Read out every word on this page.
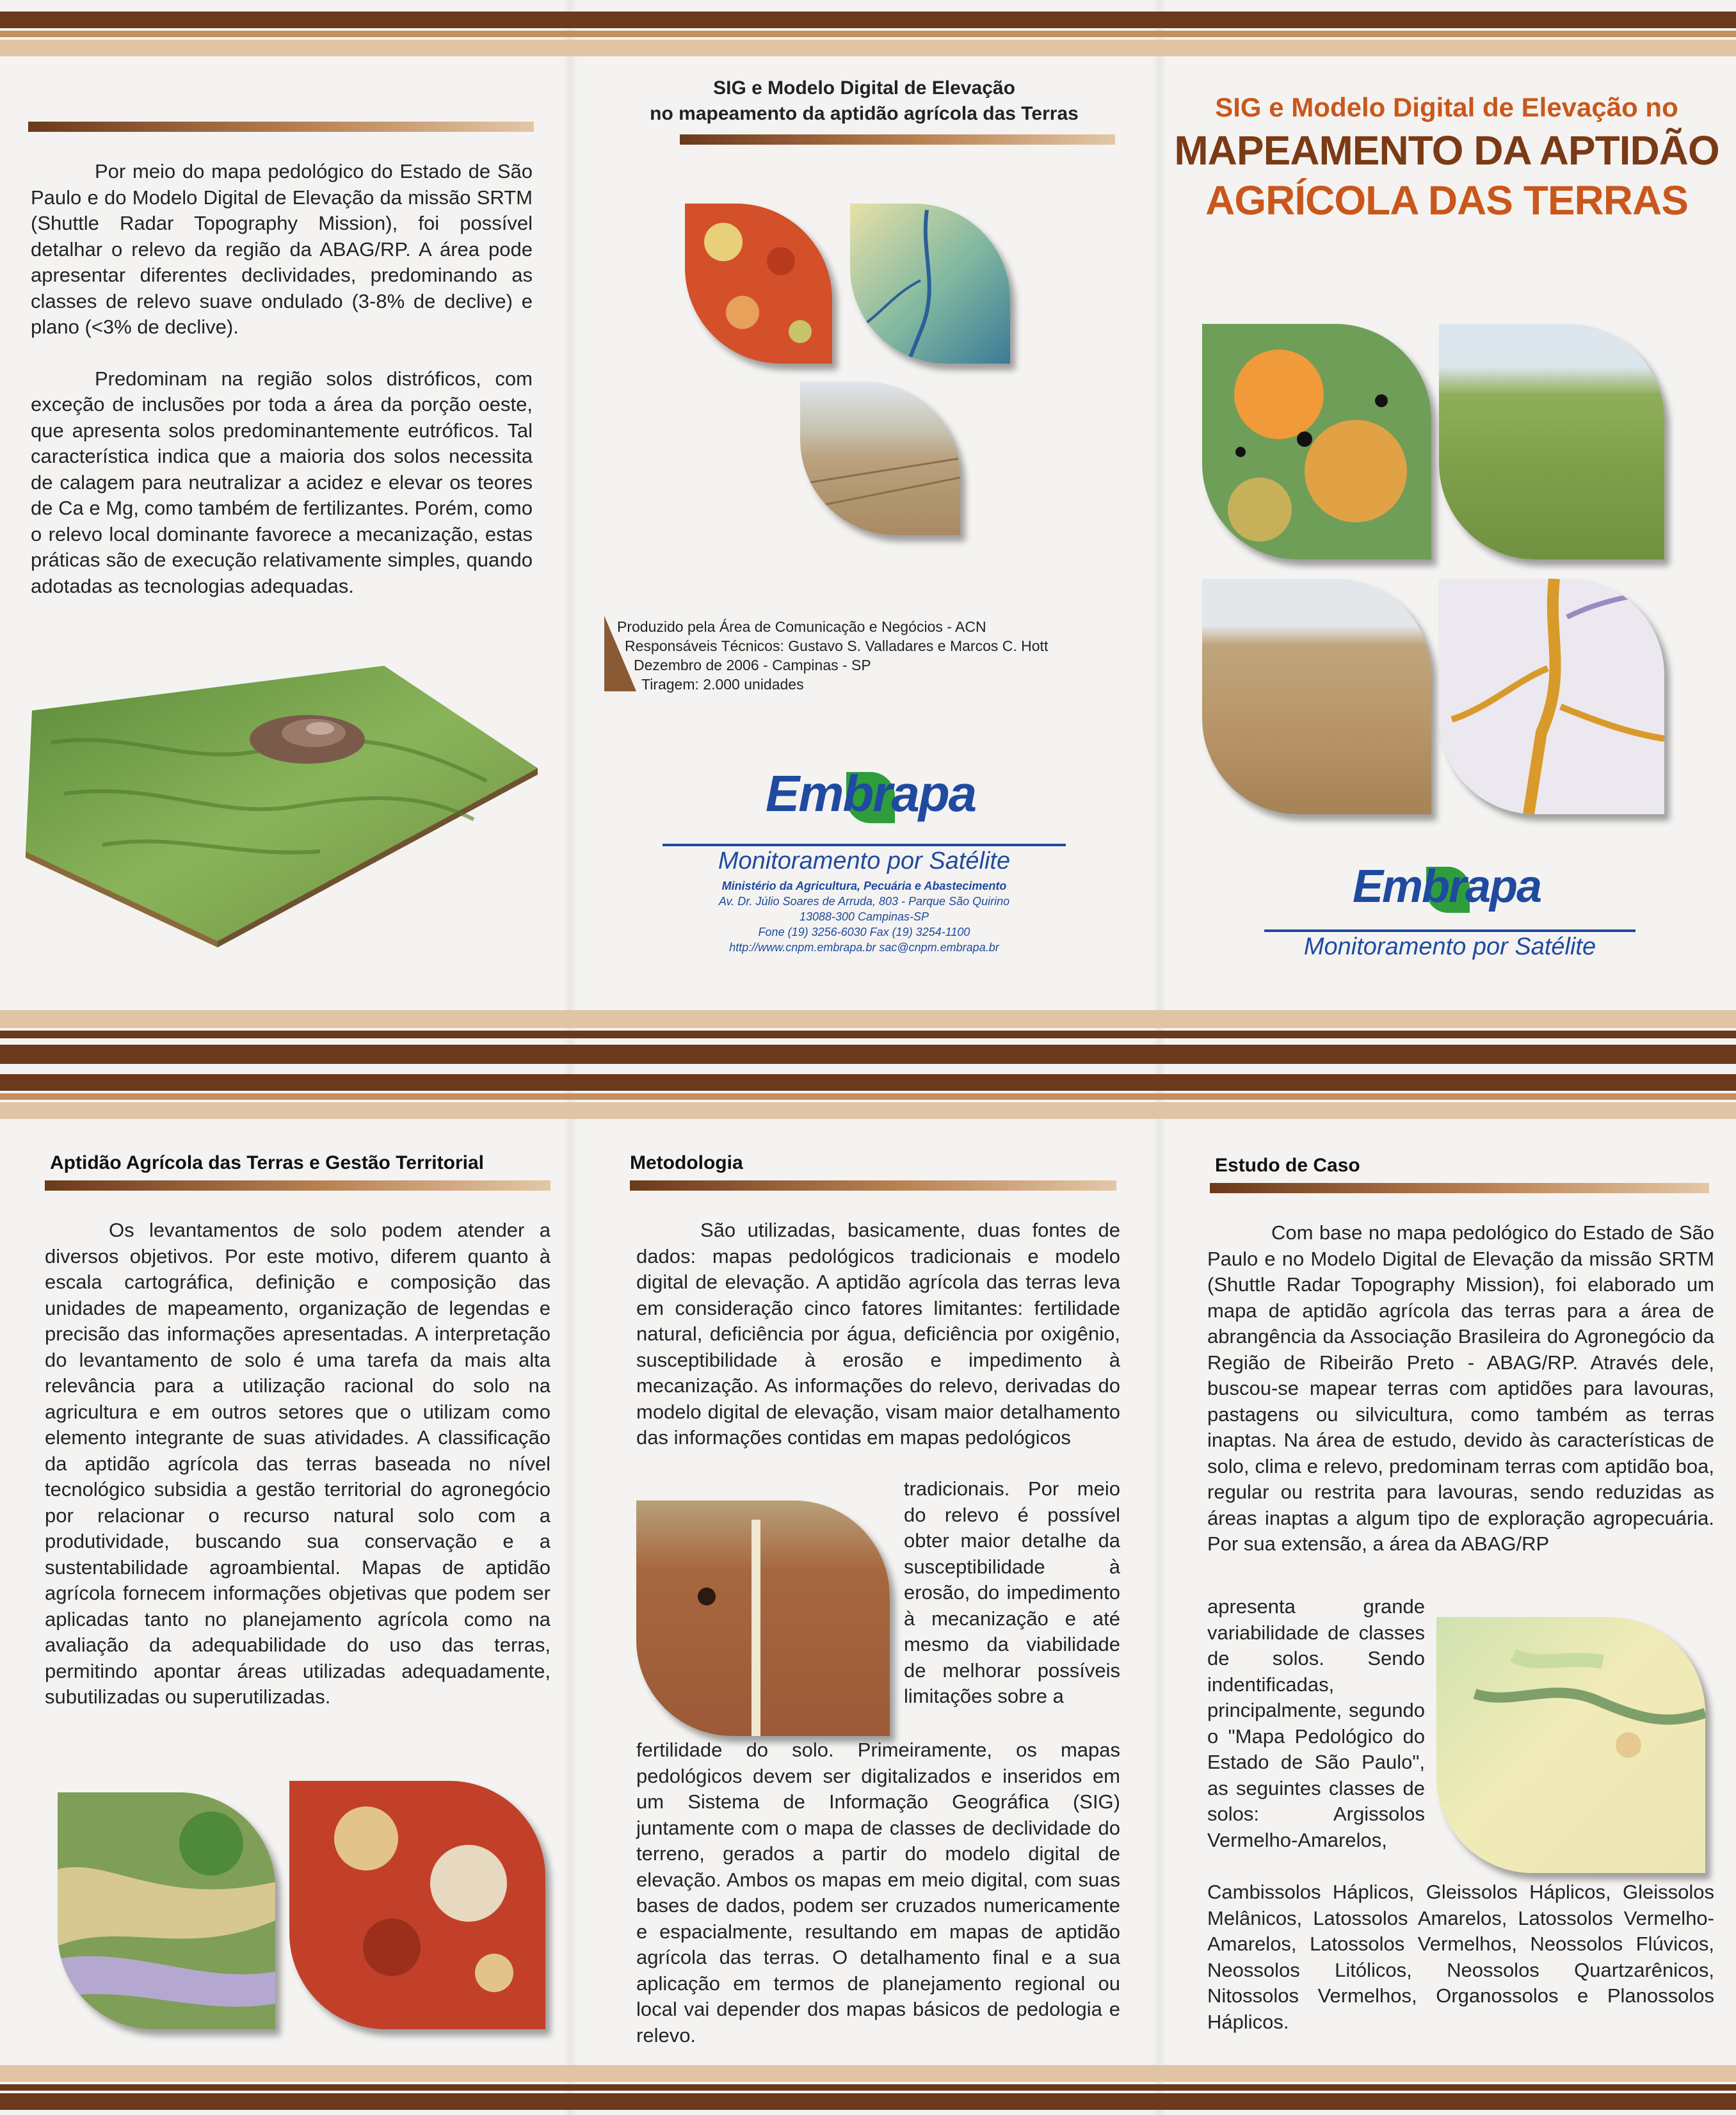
Por meio do mapa pedológico do Estado de São Paulo e do Modelo Digital de Elevação da missão SRTM (Shuttle Radar Topography Mission), foi possível detalhar o relevo da região da ABAG/RP. A área pode apresentar diferentes declividades, predominando as classes de relevo suave ondulado (3-8% de declive) e plano (<3% de declive).

Predominam na região solos distróficos, com exceção de inclusões por toda a área da porção oeste, que apresenta solos predominantemente eutróficos. Tal característica indica que a maioria dos solos necessita de calagem para neutralizar a acidez e elevar os teores de Ca e Mg, como também de fertilizantes. Porém, como o relevo local dominante favorece a mecanização, estas práticas são de execução relativamente simples, quando adotadas as tecnologias adequadas.

SIG e Modelo Digital de Elevação
no mapeamento da aptidão agrícola das Terras
Produzido pela Área de Comunicação e Negócios - ACN
Responsáveis Técnicos: Gustavo S. Valladares e Marcos C. Hott
Dezembro de 2006 - Campinas - SP
Tiragem: 2.000 unidades
Embrapa
Monitoramento por Satélite
Ministério da Agricultura, Pecuária e Abastecimento
Av. Dr. Júlio Soares de Arruda, 803 - Parque São Quirino
13088-300 Campinas-SP
Fone (19) 3256-6030 Fax (19) 3254-1100
http://www.cnpm.embrapa.br sac@cnpm.embrapa.br
SIG e Modelo Digital de Elevação no
MAPEAMENTO DA APTIDÃO
AGRÍCOLA DAS TERRAS
Embrapa
Monitoramento por Satélite
Aptidão Agrícola das Terras e Gestão Territorial

Os levantamentos de solo podem atender a diversos objetivos. Por este motivo, diferem quanto à escala cartográfica, definição e composição das unidades de mapeamento, organização de legendas e precisão das informações apresentadas. A interpretação do levantamento de solo é uma tarefa da mais alta relevância para a utilização racional do solo na agricultura e em outros setores que o utilizam como elemento integrante de suas atividades. A classificação da aptidão agrícola das terras baseada no nível tecnológico subsidia a gestão territorial do agronegócio por relacionar o recurso natural solo com a produtividade, buscando sua conservação e a sustentabilidade agroambiental. Mapas de aptidão agrícola fornecem informações objetivas que podem ser aplicadas tanto no planejamento agrícola como na avaliação da adequabilidade do uso das terras, permitindo apontar áreas utilizadas adequadamente, subutilizadas ou superutilizadas.

Metodologia

São utilizadas, basicamente, duas fontes de dados: mapas pedológicos tradicionais e modelo digital de elevação. A aptidão agrícola das terras leva em consideração cinco fatores limitantes: fertilidade natural, deficiência por água, deficiência por oxigênio, susceptibilidade à erosão e impedimento à mecanização. As informações do relevo, derivadas do modelo digital de elevação, visam maior detalhamento das informações contidas em mapas pedológicos

tradicionais. Por meio do relevo é possível obter maior detalhe da susceptibilidade à erosão, do impedimento à mecanização e até mesmo da viabilidade de melhorar possíveis limitações sobre a

fertilidade do solo. Primeiramente, os mapas pedológicos devem ser digitalizados e inseridos em um Sistema de Informação Geográfica (SIG) juntamente com o mapa de classes de declividade do terreno, gerados a partir do modelo digital de elevação. Ambos os mapas em meio digital, com suas bases de dados, podem ser cruzados numericamente e espacialmente, resultando em mapas de aptidão agrícola das terras. O detalhamento final e a sua aplicação em termos de planejamento regional ou local vai depender dos mapas básicos de pedologia e relevo.

Estudo de Caso

Com base no mapa pedológico do Estado de São Paulo e no Modelo Digital de Elevação da missão SRTM (Shuttle Radar Topography Mission), foi elaborado um mapa de aptidão agrícola das terras para a área de abrangência da Associação Brasileira do Agronegócio da Região de Ribeirão Preto - ABAG/RP. Através dele, buscou-se mapear terras com aptidões para lavouras, pastagens ou silvicultura, como também as terras inaptas. Na área de estudo, devido às características de solo, clima e relevo, predominam terras com aptidão boa, regular ou restrita para lavouras, sendo reduzidas as áreas inaptas a algum tipo de exploração agropecuária. Por sua extensão, a área da ABAG/RP

apresenta grande variabilidade de classes de solos. Sendo indentificadas, principalmente, segundo o "Mapa Pedológico do Estado de São Paulo", as seguintes classes de solos: Argissolos Vermelho-Amarelos,

Cambissolos Háplicos, Gleissolos Háplicos, Gleissolos Melânicos, Latossolos Amarelos, Latossolos Vermelho-Amarelos, Latossolos Vermelhos, Neossolos Flúvicos, Neossolos Litólicos, Neossolos Quartzarênicos, Nitossolos Vermelhos, Organossolos e Planossolos Háplicos.
